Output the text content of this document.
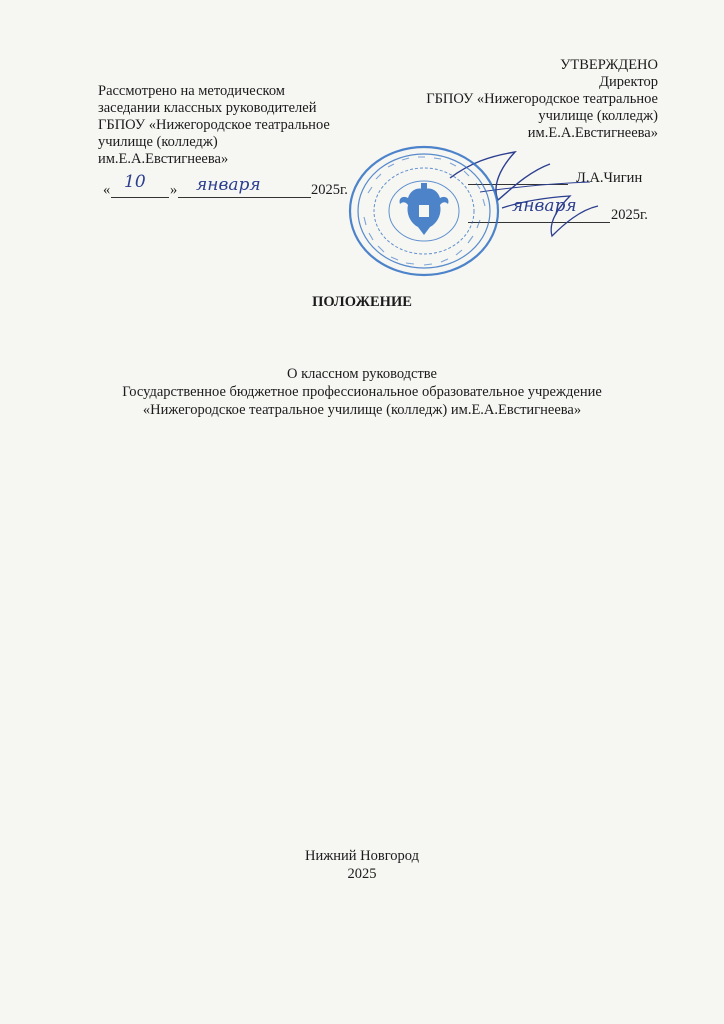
Рассмотрено на методическом
заседании классных руководителей
ГБПОУ «Нижегородское театральное
училище (колледж)
им.Е.А.Евстигнеева»
« 10 » января	2025г.
УТВЕРЖДЕНО
Директор
ГБПОУ «Нижегородское театральное
училище (колледж)
им.Е.А.Евстигнеева»
Л.А.Чигин
января 2025г.
ПОЛОЖЕНИЕ
О классном руководстве
Государственное бюджетное профессиональное образовательное учреждение
«Нижегородское театральное училище (колледж) им.Е.А.Евстигнеева»
Нижний Новгород
2025
